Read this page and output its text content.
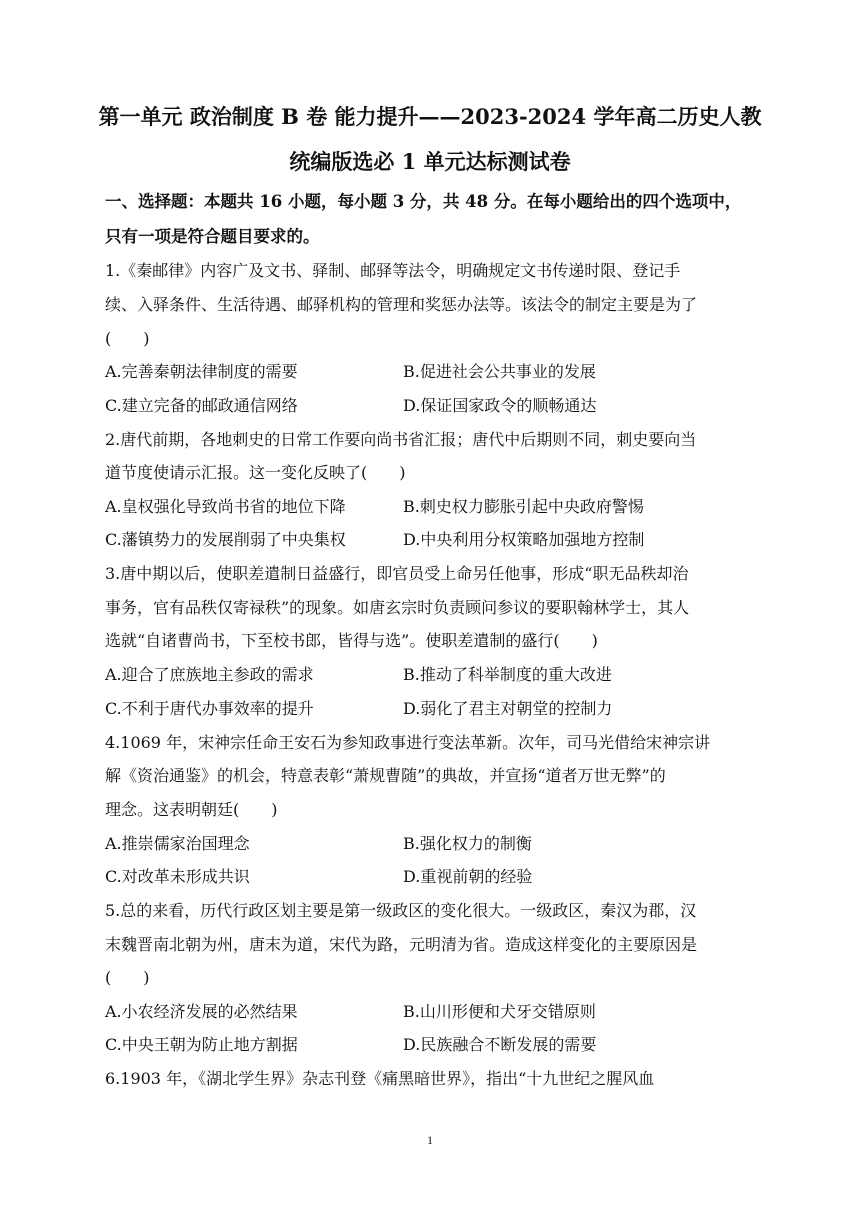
第一单元 政治制度 B 卷 能力提升——2023-2024 学年高二历史人教
统编版选必 1 单元达标测试卷
一、选择题：本题共 16 小题，每小题 3 分，共 48 分。在每小题给出的四个选项中，
只有一项是符合题目要求的。
1.《秦邮律》内容广及文书、驿制、邮驿等法令，明确规定文书传递时限、登记手
续、入驿条件、生活待遇、邮驿机构的管理和奖惩办法等。该法令的制定主要是为了
(　　)
A.完善秦朝法律制度的需要	B.促进社会公共事业的发展
C.建立完备的邮政通信网络	D.保证国家政令的顺畅通达
2.唐代前期，各地刺史的日常工作要向尚书省汇报；唐代中后期则不同，刺史要向当
道节度使请示汇报。这一变化反映了(　　)
A.皇权强化导致尚书省的地位下降	B.刺史权力膨胀引起中央政府警惕
C.藩镇势力的发展削弱了中央集权	D.中央利用分权策略加强地方控制
3.唐中期以后，使职差遣制日益盛行，即官员受上命另任他事，形成“职无品秩却治
事务，官有品秩仅寄禄秩”的现象。如唐玄宗时负责顾问参议的要职翰林学士，其人
选就“自诸曹尚书，下至校书郎，皆得与选”。使职差遣制的盛行(　　)
A.迎合了庶族地主参政的需求	B.推动了科举制度的重大改进
C.不利于唐代办事效率的提升	D.弱化了君主对朝堂的控制力
4.1069 年，宋神宗任命王安石为参知政事进行变法革新。次年，司马光借给宋神宗讲
解《资治通鉴》的机会，特意表彰“萧规曹随”的典故，并宣扬“道者万世无弊”的
理念。这表明朝廷(　　)
A.推崇儒家治国理念	B.强化权力的制衡
C.对改革未形成共识	D.重视前朝的经验
5.总的来看，历代行政区划主要是第一级政区的变化很大。一级政区，秦汉为郡，汉
末魏晋南北朝为州，唐末为道，宋代为路，元明清为省。造成这样变化的主要原因是
(　　)
A.小农经济发展的必然结果	B.山川形便和犬牙交错原则
C.中央王朝为防止地方割据	D.民族融合不断发展的需要
6.1903 年，《湖北学生界》杂志刊登《痛黑暗世界》，指出“十九世纪之腥风血
1
